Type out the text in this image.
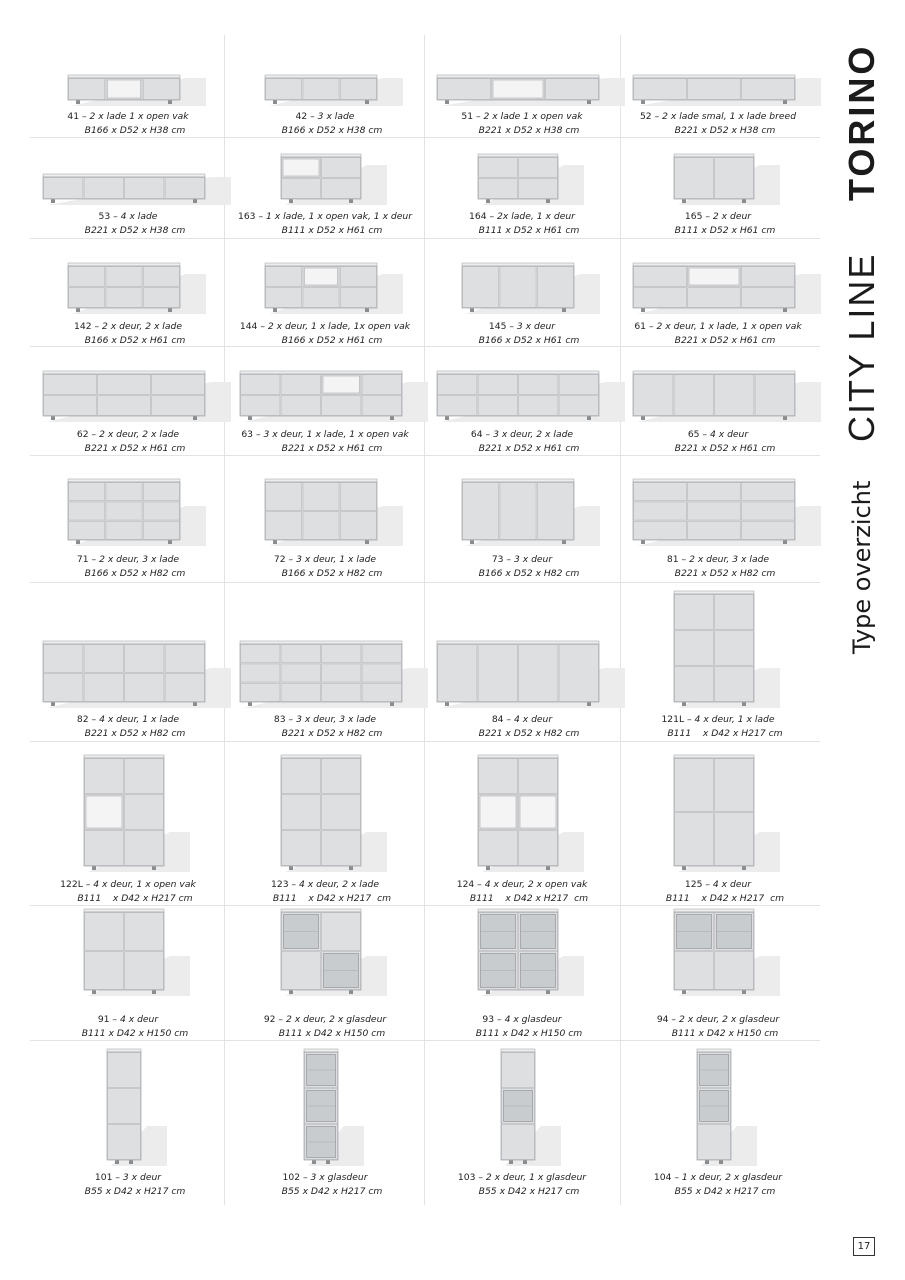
41 – 2 x lade 1 x open vak
B166 x D52 x H38 cm
42 – 3 x lade
B166 x D52 x H38 cm
51 – 2 x lade 1 x open vak
B221 x D52 x H38 cm
52 – 2 x lade smal, 1 x lade breed
B221 x D52 x H38 cm
53 – 4 x lade
B221 x D52 x H38 cm
163 – 1 x lade, 1 x open vak, 1 x deur
B111 x D52 x H61 cm
164 – 2x lade, 1 x deur
B111 x D52 x H61 cm
165 – 2 x deur
B111 x D52 x H61 cm
142 – 2 x deur, 2 x lade
B166 x D52 x H61 cm
144 – 2 x deur, 1 x lade, 1x open vak
B166 x D52 x H61 cm
145 – 3 x deur
B166 x D52 x H61 cm
61 – 2 x deur, 1 x lade, 1 x open vak
B221 x D52 x H61 cm
62 – 2 x deur, 2 x lade
B221 x D52 x H61 cm
63 – 3 x deur, 1 x lade, 1 x open vak
B221 x D52 x H61 cm
64 – 3 x deur, 2 x lade
B221 x D52 x H61 cm
65 – 4 x deur
B221 x D52 x H61 cm
71 – 2 x deur, 3 x lade
B166 x D52 x H82 cm
72 – 3 x deur, 1 x lade
B166 x D52 x H82 cm
73 – 3 x deur
B166 x D52 x H82 cm
81 – 2 x deur, 3 x lade
B221 x D52 x H82 cm
82 – 4 x deur, 1 x lade
B221 x D52 x H82 cm
83 – 3 x deur, 3 x lade
B221 x D52 x H82 cm
84 – 4 x deur
B221 x D52 x H82 cm
121L – 4 x deur, 1 x lade
B111    x D42 x H217 cm
122L – 4 x deur, 1 x open vak
B111    x D42 x H217 cm
123 – 4 x deur, 2 x lade
B111    x D42 x H217  cm
124 – 4 x deur, 2 x open vak
B111    x D42 x H217  cm
125 – 4 x deur
B111    x D42 x H217  cm
91 – 4 x deur
B111 x D42 x H150 cm
92 – 2 x deur, 2 x glasdeur
B111 x D42 x H150 cm
93 – 4 x glasdeur
B111 x D42 x H150 cm
94 – 2 x deur, 2 x glasdeur
B111 x D42 x H150 cm
101 – 3 x deur
B55 x D42 x H217 cm
102 – 3 x glasdeur
B55 x D42 x H217 cm
103 – 2 x deur, 1 x glasdeur
B55 x D42 x H217 cm
104 – 1 x deur, 2 x glasdeur
B55 x D42 x H217 cm
TORINO
CITY LINE
Type overzicht
17
